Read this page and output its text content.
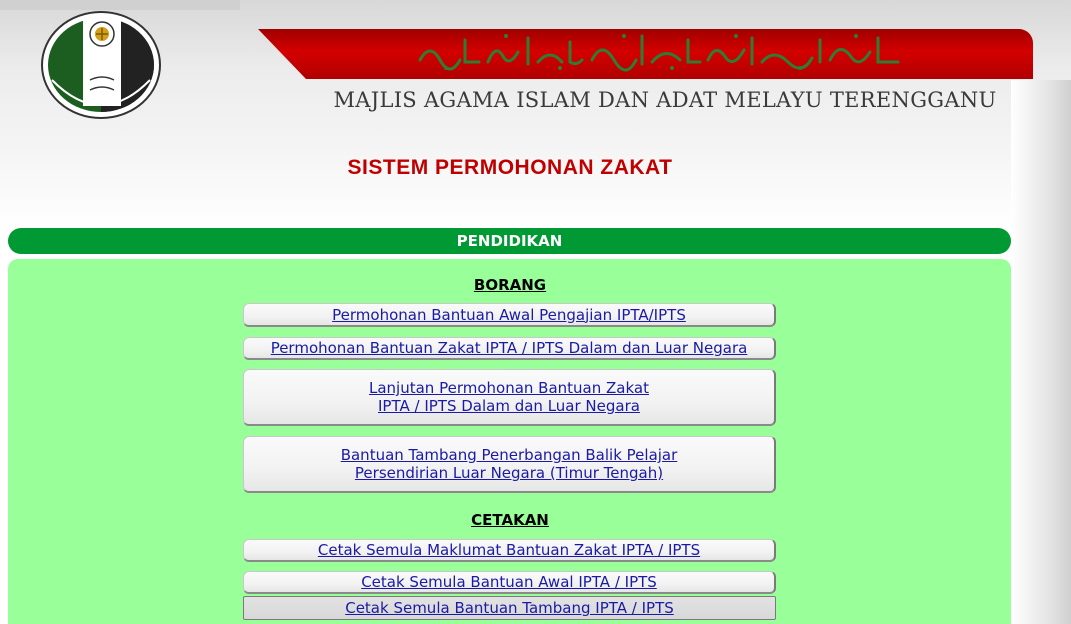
MAJLIS AGAMA ISLAM DAN ADAT MELAYU TERENGGANU
SISTEM PERMOHONAN ZAKAT
PENDIDIKAN
BORANG
Permohonan Bantuan Awal Pengajian IPTA/IPTS
Permohonan Bantuan Zakat IPTA / IPTS Dalam dan Luar Negara
Lanjutan Permohonan Bantuan Zakat
IPTA / IPTS Dalam dan Luar Negara
Bantuan Tambang Penerbangan Balik Pelajar
Persendirian Luar Negara (Timur Tengah)
CETAKAN
Cetak Semula Maklumat Bantuan Zakat IPTA / IPTS
Cetak Semula Bantuan Awal IPTA / IPTS
Cetak Semula Bantuan Tambang IPTA / IPTS
